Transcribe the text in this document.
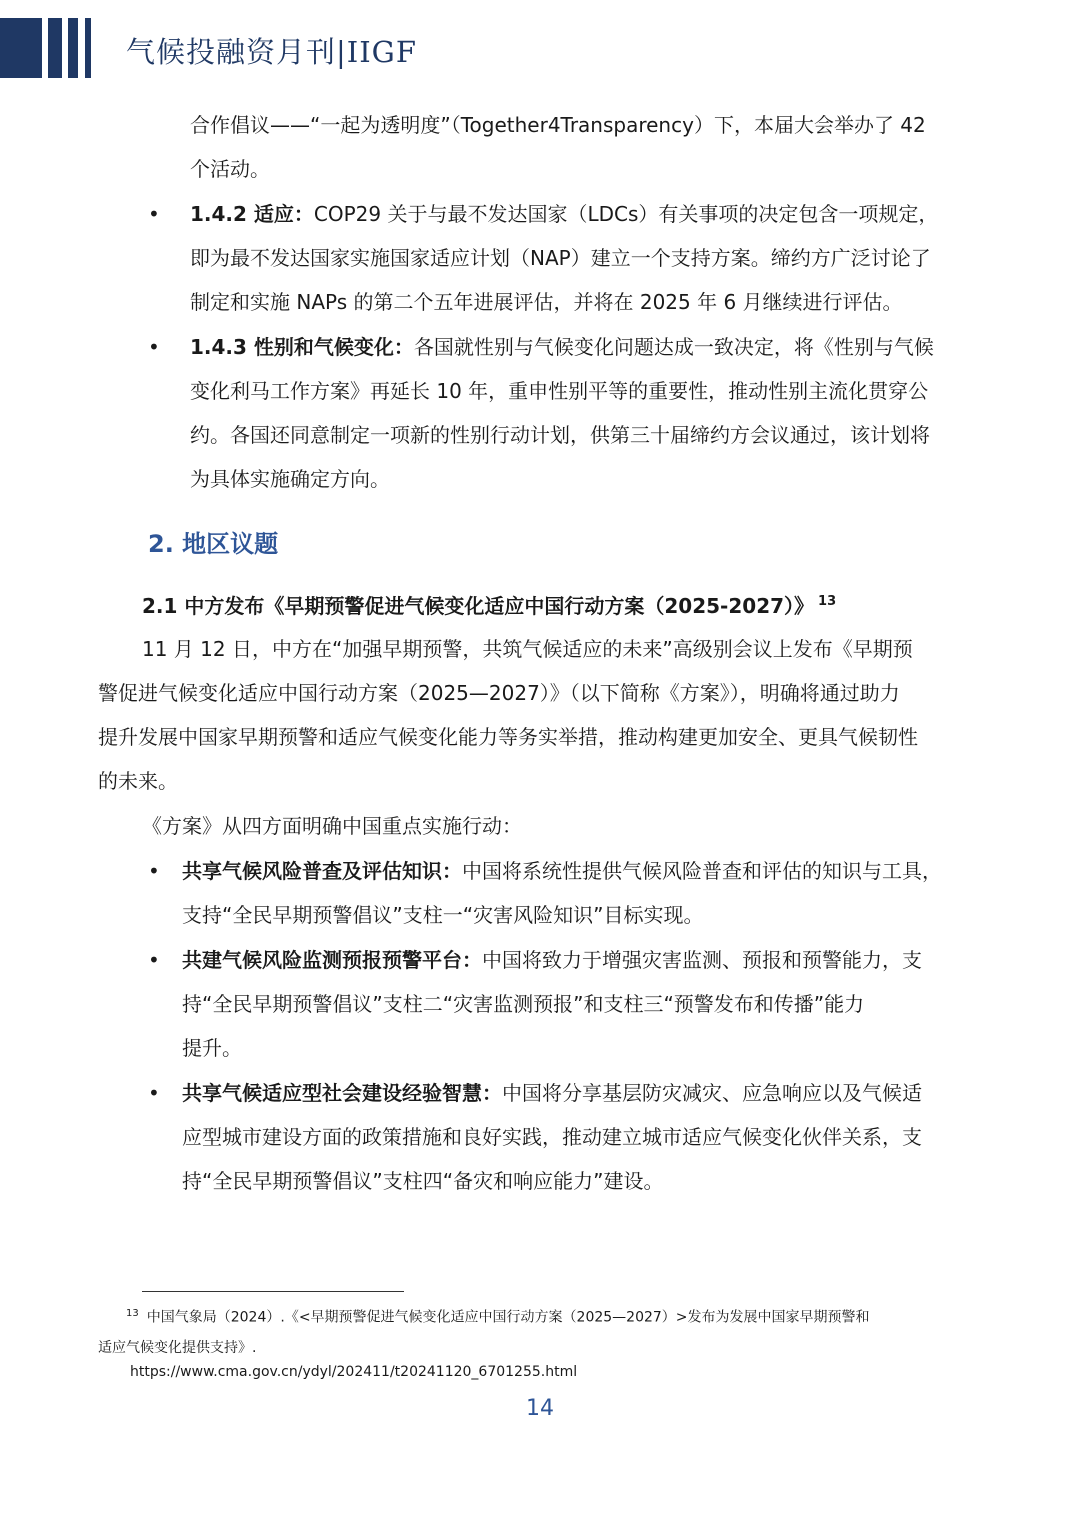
气候投融资月刊|IIGF

合作倡议——“一起为透明度”（Together4Transparency）下，本届大会举办了 42
个活动。

• 1.4.2 适应：COP29 关于与最不发达国家（LDCs）有关事项的决定包含一项规定，
即为最不发达国家实施国家适应计划（NAP）建立一个支持方案。缔约方广泛讨论了
制定和实施 NAPs 的第二个五年进展评估，并将在 2025 年 6 月继续进行评估。

• 1.4.3 性别和气候变化：各国就性别与气候变化问题达成一致决定，将《性别与气候
变化利马工作方案》再延长 10 年，重申性别平等的重要性，推动性别主流化贯穿公
约。各国还同意制定一项新的性别行动计划，供第三十届缔约方会议通过，该计划将
为具体实施确定方向。

2. 地区议题
2.1 中方发布《早期预警促进气候变化适应中国行动方案（2025-2027）》 $^{13}$

11 月 12 日，中方在“加强早期预警，共筑气候适应的未来”高级别会议上发布《早期预
警促进气候变化适应中国行动方案（2025—2027）》（以下简称《方案》），明确将通过助力
提升发展中国家早期预警和适应气候变化能力等务实举措，推动构建更加安全、更具气候韧性
的未来。

《方案》从四方面明确中国重点实施行动：

• 共享气候风险普查及评估知识：中国将系统性提供气候风险普查和评估的知识与工具，
支持“全民早期预警倡议”支柱一“灾害风险知识”目标实现。

• 共建气候风险监测预报预警平台：中国将致力于增强灾害监测、预报和预警能力，支
持“全民早期预警倡议”支柱二“灾害监测预报”和支柱三“预警发布和传播”能力
提升。

• 共享气候适应型社会建设经验智慧：中国将分享基层防灾减灾、应急响应以及气候适
应型城市建设方面的政策措施和良好实践，推动建立城市适应气候变化伙伴关系，支
持“全民早期预警倡议”支柱四“备灾和响应能力”建设。

$^{13}$ 中国气象局（2024）.《<早期预警促进气候变化适应中国行动方案（2025—2027）>发布为发展中国家早期预警和
适应气候变化提供支持》.
https://www.cma.gov.cn/ydyl/202411/t20241120_6701255.html
14
